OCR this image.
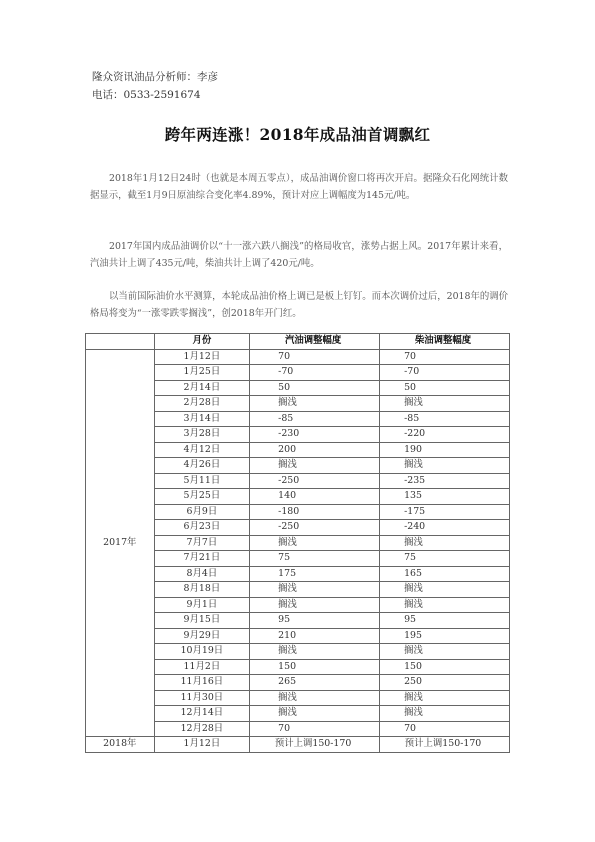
隆众资讯油品分析师：李彦
电话：0533-2591674
跨年两连涨！2018年成品油首调飘红

2018年1月12日24时（也就是本周五零点），成品油调价窗口将再次开启。据隆众石化网统计数据显示，截至1月9日原油综合变化率4.89%，预计对应上调幅度为145元/吨。

2017年国内成品油调价以“十一涨六跌八搁浅”的格局收官，涨势占据上风。2017年累计来看，汽油共计上调了435元/吨，柴油共计上调了420元/吨。

以当前国际油价水平测算，本轮成品油价格上调已是板上钉钉。而本次调价过后，2018年的调价格局将变为“一涨零跌零搁浅”，创2018年开门红。

	月份	汽油调整幅度	柴油调整幅度
2017年	1月12日	70	70
	1月25日	-70	-70
	2月14日	50	50
	2月28日	搁浅	搁浅
	3月14日	-85	-85
	3月28日	-230	-220
	4月12日	200	190
	4月26日	搁浅	搁浅
	5月11日	-250	-235
	5月25日	140	135
	6月9日	-180	-175
	6月23日	-250	-240
	7月7日	搁浅	搁浅
	7月21日	75	75
	8月4日	175	165
	8月18日	搁浅	搁浅
	9月1日	搁浅	搁浅
	9月15日	95	95
	9月29日	210	195
	10月19日	搁浅	搁浅
	11月2日	150	150
	11月16日	265	250
	11月30日	搁浅	搁浅
	12月14日	搁浅	搁浅
	12月28日	70	70
2018年	1月12日	预计上调150-170	预计上调150-170
